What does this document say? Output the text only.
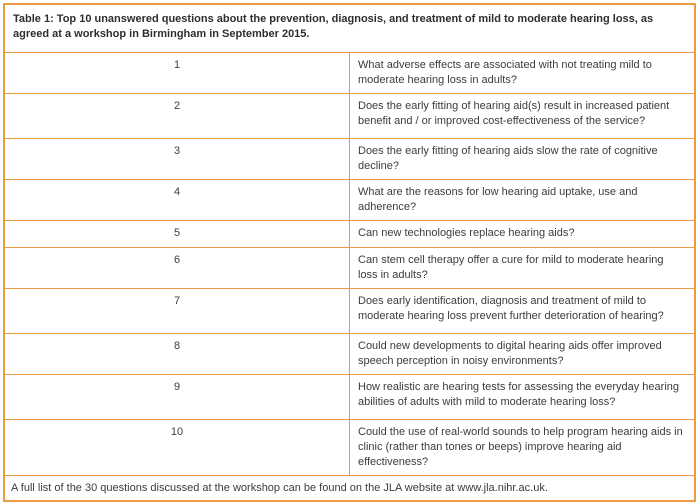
Table 1: Top 10 unanswered questions about the prevention, diagnosis, and treatment of mild to moderate hearing loss, as agreed at a workshop in Birmingham in September 2015.	
1	What adverse effects are associated with not treating mild to moderate hearing loss in adults?
2	Does the early fitting of hearing aid(s) result in increased patient benefit and / or improved cost-effectiveness of the service?
3	Does the early fitting of hearing aids slow the rate of cognitive decline?
4	What are the reasons for low hearing aid uptake, use and adherence?
5	Can new technologies replace hearing aids?
6	Can stem cell therapy offer a cure for mild to moderate hearing loss in adults?
7	Does early identification, diagnosis and treatment of mild to moderate hearing loss prevent further deterioration of hearing?
8	Could new developments to digital hearing aids offer improved speech perception in noisy environments?
9	How realistic are hearing tests for assessing the everyday hearing abilities of adults with mild to moderate hearing loss?
10	Could the use of real-world sounds to help program hearing aids in clinic (rather than tones or beeps) improve hearing aid effectiveness?
A full list of the 30 questions discussed at the workshop can be found on the JLA website at www.jla.nihr.ac.uk.	
